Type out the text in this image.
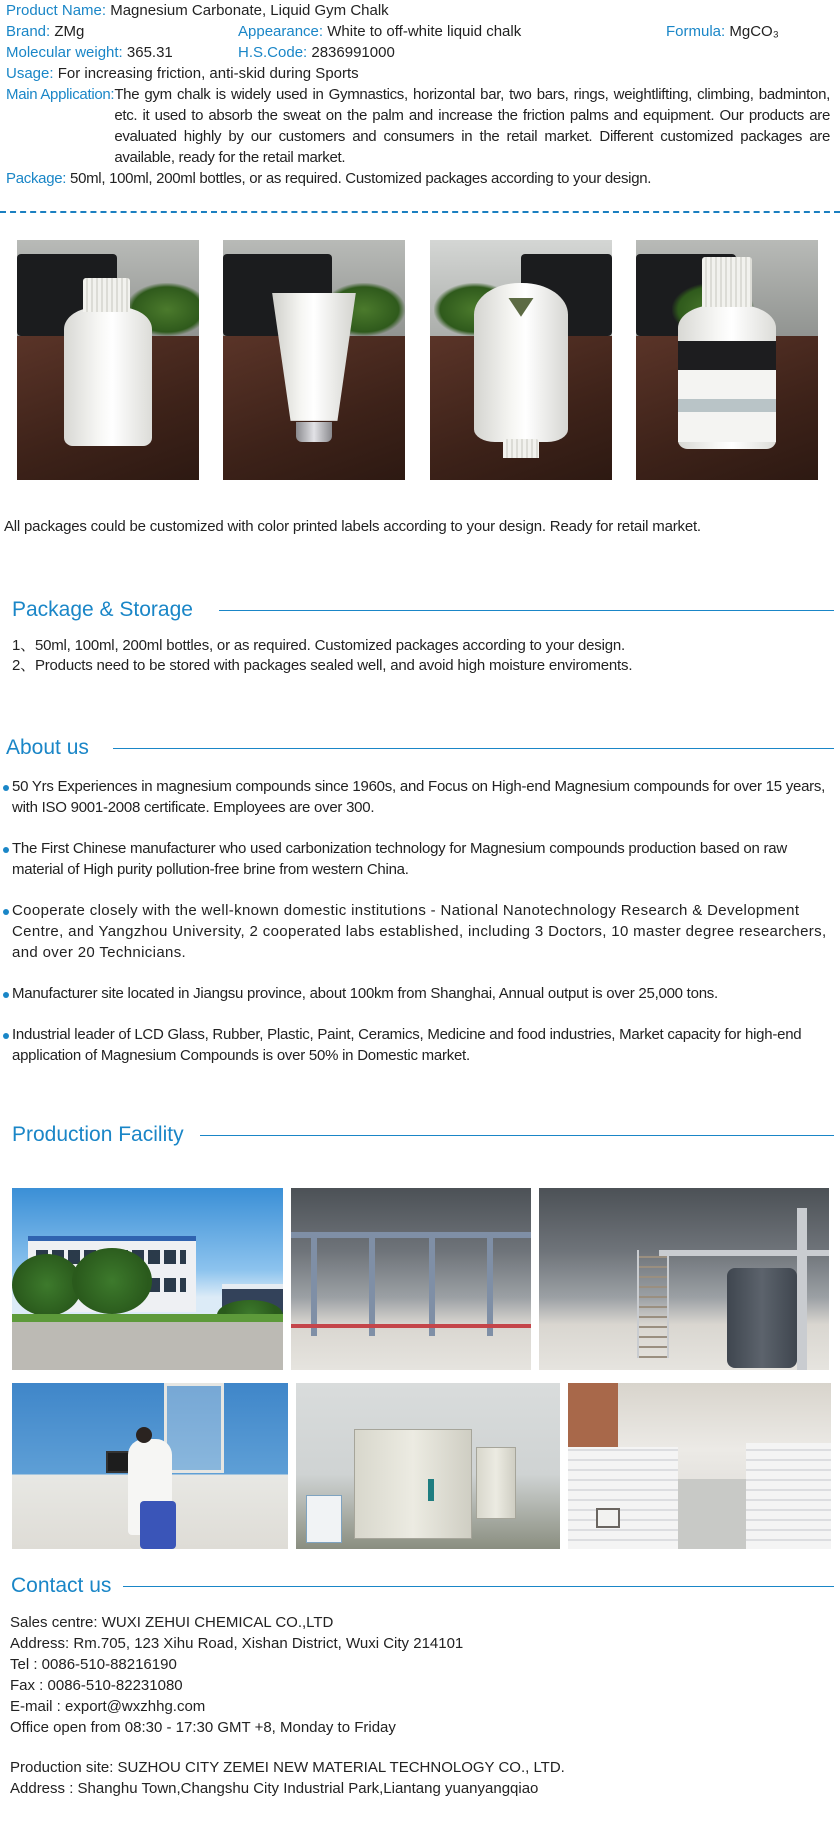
Product Name: Magnesium Carbonate, Liquid Gym Chalk
Brand: ZMg	Appearance: White to off-white liquid chalk	Formula: MgCO₃
Molecular weight: 365.31	H.S.Code: 2836991000
Usage: For increasing friction, anti-skid during Sports
Main Application: The gym chalk is widely used in Gymnastics, horizontal bar, two bars, rings, weightlifting, climbing, badminton, etc. it used to absorb the sweat on the palm and increase the friction palms and equipment. Our products are evaluated highly by our customers and consumers in the retail market. Different customized packages are available, ready for the retail market.
Package: 50ml, 100ml, 200ml bottles, or as required. Customized packages according to your design.

All packages could be customized with color printed labels according to your design. Ready for retail market.

Package & Storage

1、50ml, 100ml, 200ml bottles, or as required. Customized packages according to your design.

2、Products need to be stored with packages sealed well, and avoid high moisture enviroments.

About us
50 Yrs Experiences in magnesium compounds since 1960s, and Focus on High-end Magnesium compounds for over 15 years, with ISO 9001-2008 certificate. Employees are over 300.
The First Chinese manufacturer who used carbonization technology for Magnesium compounds production based on raw material of High purity pollution-free brine from western China.
Cooperate closely with the well-known domestic institutions - National Nanotechnology Research & Development Centre, and Yangzhou University, 2 cooperated labs established, including 3 Doctors, 10 master degree researchers, and over 20 Technicians.
Manufacturer site located in Jiangsu province, about 100km from Shanghai, Annual output is over 25,000 tons.
Industrial leader of LCD Glass, Rubber, Plastic, Paint, Ceramics, Medicine and food industries, Market capacity for high-end application of Magnesium Compounds is over 50% in Domestic market.
Production Facility
Contact us

Sales centre: WUXI ZEHUI CHEMICAL CO.,LTD

Address: Rm.705, 123 Xihu Road, Xishan District, Wuxi City 214101

Tel : 0086-510-88216190

Fax : 0086-510-82231080

E-mail : export@wxzhhg.com

Office open from 08:30 - 17:30 GMT +8, Monday to Friday

Production site: SUZHOU CITY ZEMEI NEW MATERIAL TECHNOLOGY CO., LTD.

Address : Shanghu Town,Changshu City Industrial Park,Liantang yuanyangqiao
